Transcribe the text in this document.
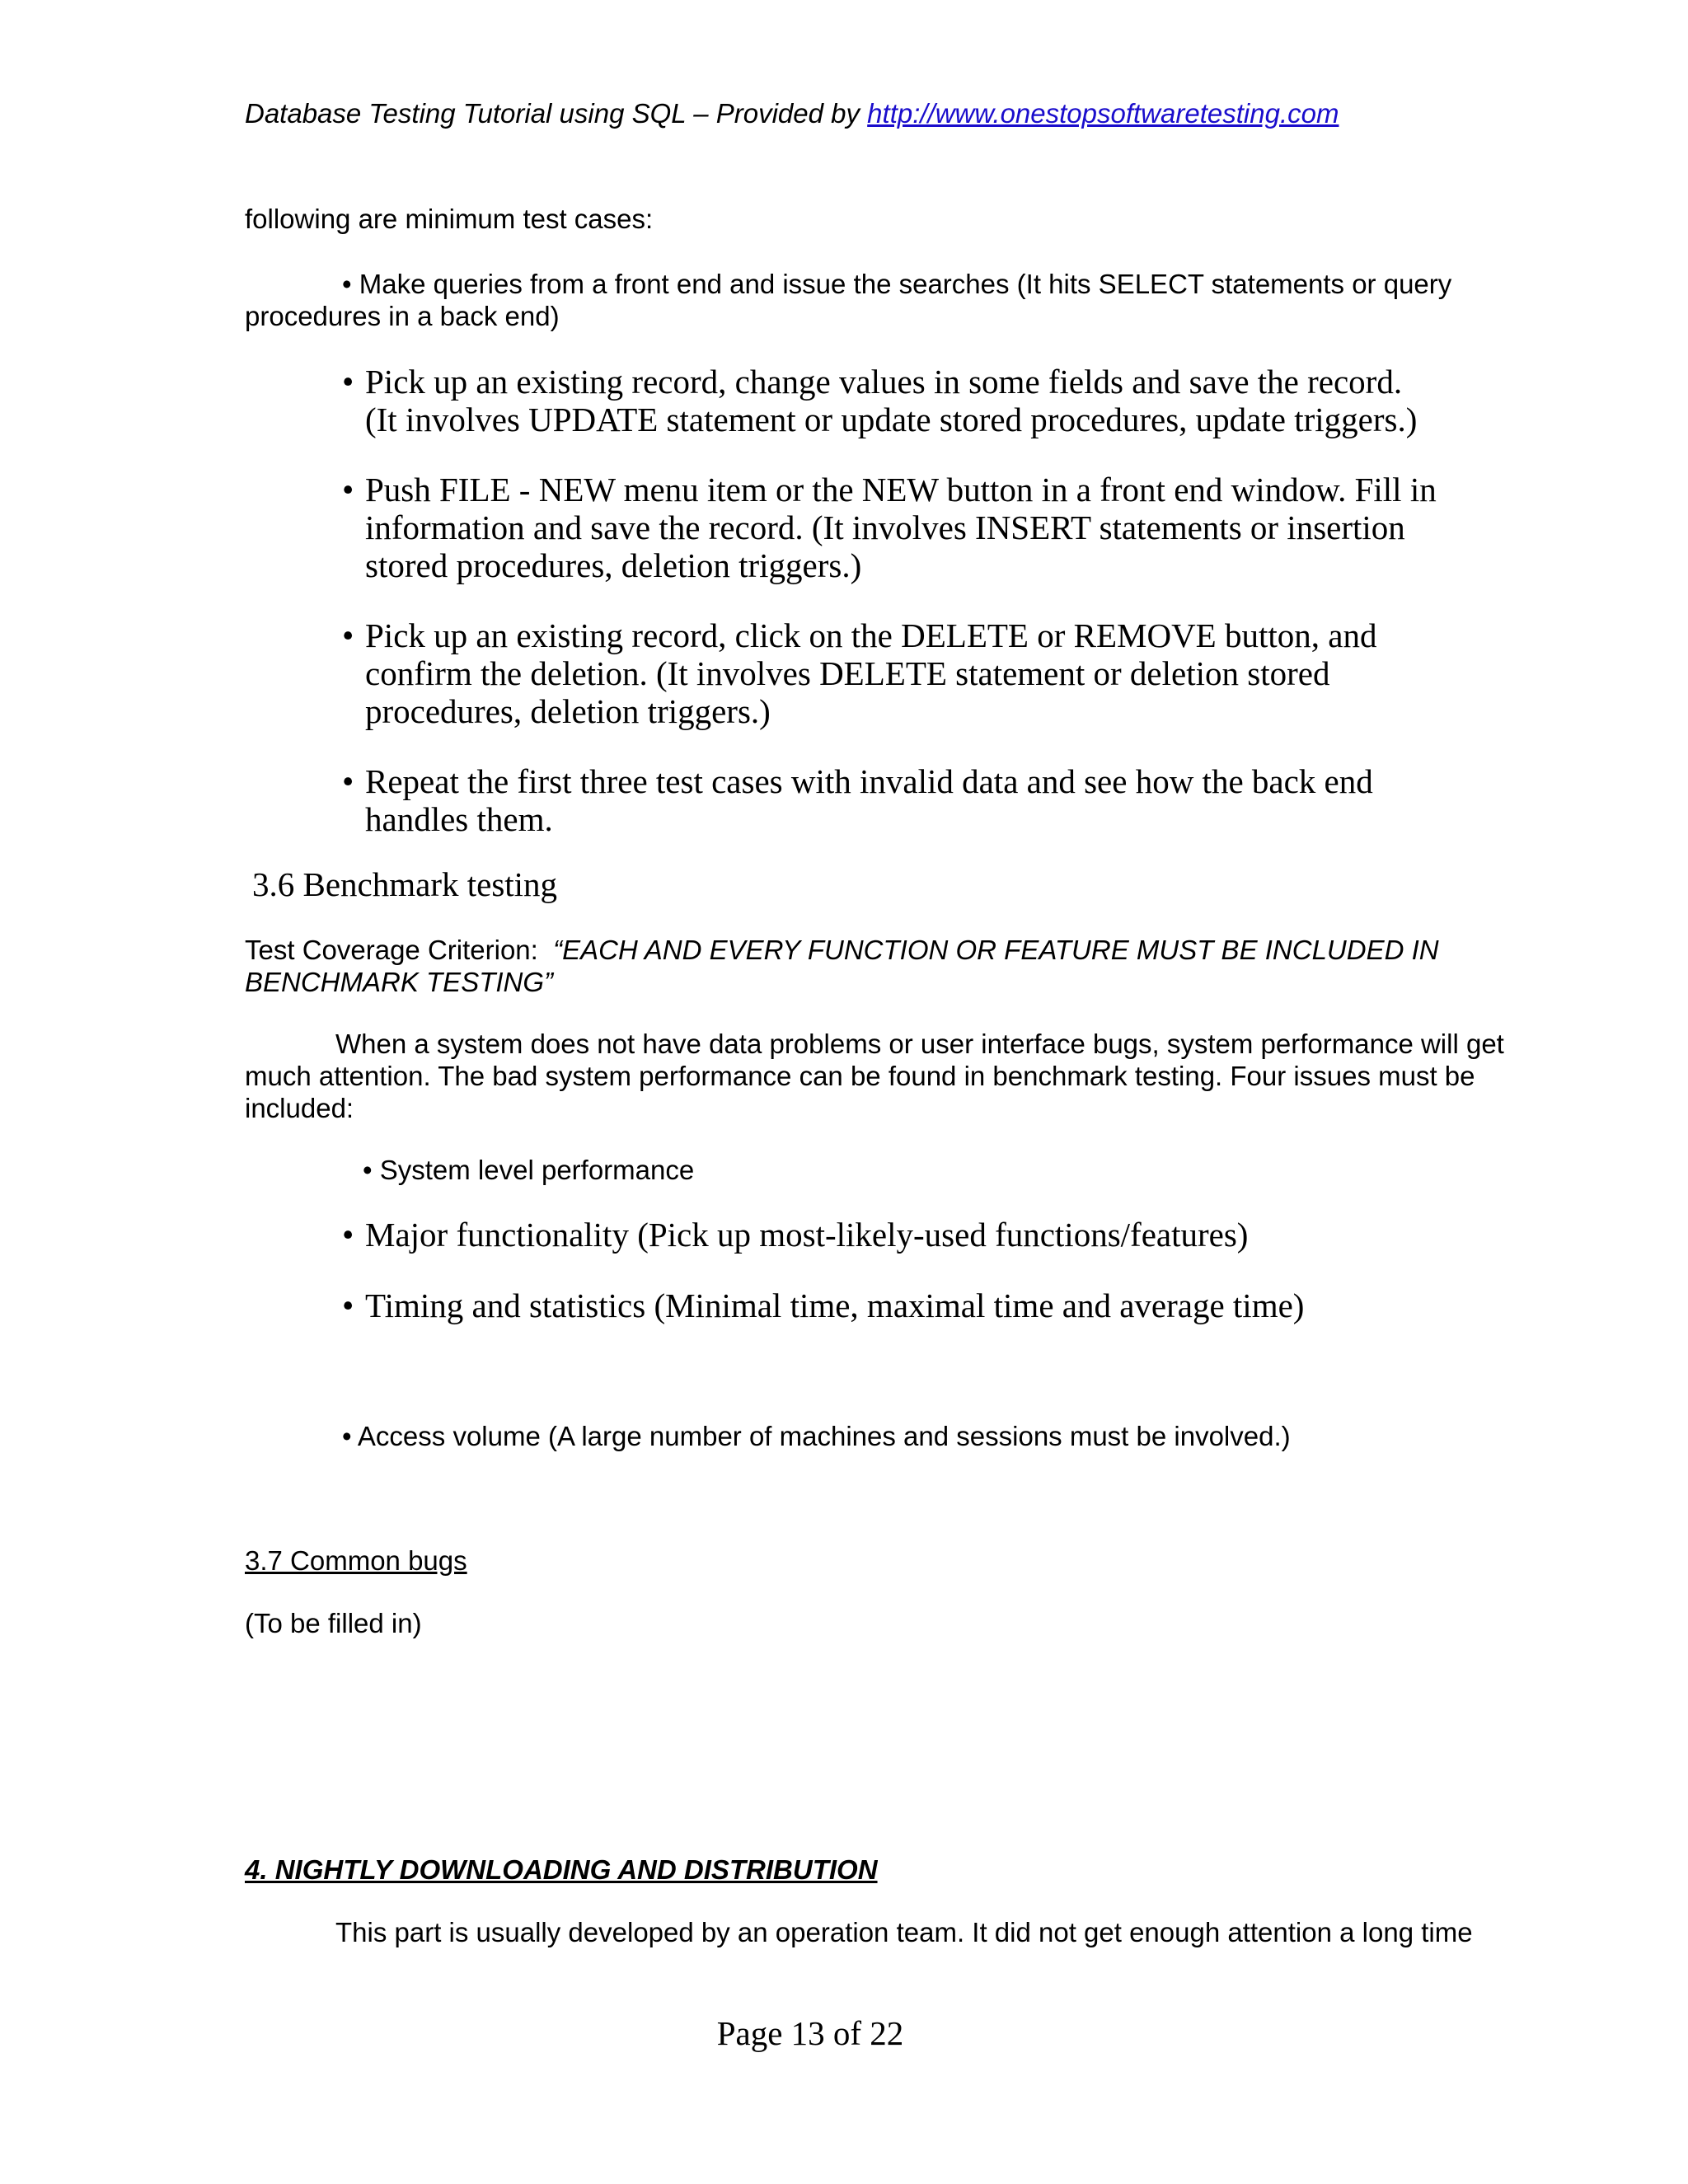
Database Testing Tutorial using SQL – Provided by http://www.onestopsoftwaretesting.com
following are minimum test cases:
• Make queries from a front end and issue the searches (It hits SELECT statements or query
procedures in a back end)
• Pick up an existing record, change values in some fields and save the record.
(It involves UPDATE statement or update stored procedures, update triggers.)
• Push FILE - NEW menu item or the NEW button in a front end window. Fill in
information and save the record. (It involves INSERT statements or insertion
stored procedures, deletion triggers.)
• Pick up an existing record, click on the DELETE or REMOVE button, and
confirm the deletion. (It involves DELETE statement or deletion stored
procedures, deletion triggers.)
• Repeat the first three test cases with invalid data and see how the back end
handles them.
3.6 Benchmark testing
Test Coverage Criterion: “EACH AND EVERY FUNCTION OR FEATURE MUST BE INCLUDED IN
BENCHMARK TESTING”
When a system does not have data problems or user interface bugs, system performance will get
much attention. The bad system performance can be found in benchmark testing. Four issues must be
included:
• System level performance
• Major functionality (Pick up most-likely-used functions/features)
• Timing and statistics (Minimal time, maximal time and average time)
• Access volume (A large number of machines and sessions must be involved.)
3.7 Common bugs
(To be filled in)
4. NIGHTLY DOWNLOADING AND DISTRIBUTION
This part is usually developed by an operation team. It did not get enough attention a long time
Page 13 of 22
